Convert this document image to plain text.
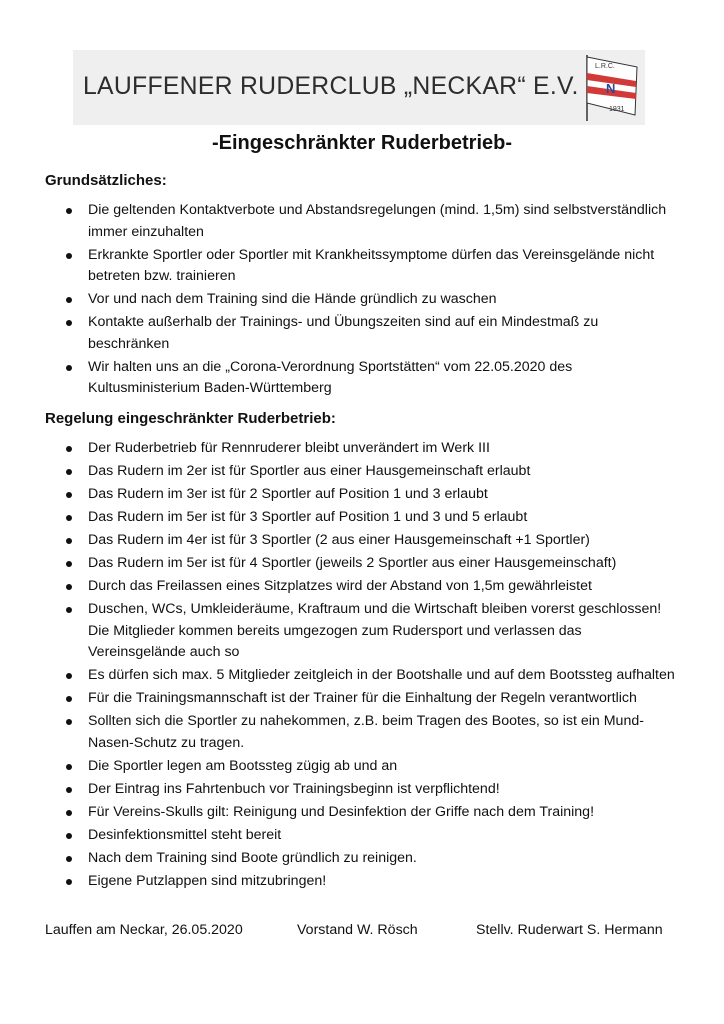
LAUFFENER RUDERCLUB „NECKAR“ E.V.
L.R.C.
N
1931
-Eingeschränkter Ruderbetrieb-
Grundsätzliches:
Die geltenden Kontaktverbote und Abstandsregelungen (mind. 1,5m) sind selbstverständlich immer einzuhalten
Erkrankte Sportler oder Sportler mit Krankheitssymptome dürfen das Vereinsgelände nicht betreten bzw. trainieren
Vor und nach dem Training sind die Hände gründlich zu waschen
Kontakte außerhalb der Trainings- und Übungszeiten sind auf ein Mindestmaß zu beschränken
Wir halten uns an die „Corona-Verordnung Sportstätten“ vom 22.05.2020 des Kultusministerium Baden-Württemberg
Regelung eingeschränkter Ruderbetrieb:
Der Ruderbetrieb für Rennruderer bleibt unverändert im Werk III
Das Rudern im 2er ist für Sportler aus einer Hausgemeinschaft erlaubt
Das Rudern im 3er ist für 2 Sportler auf Position 1 und 3 erlaubt
Das Rudern im 5er ist für 3 Sportler auf Position 1 und 3 und 5 erlaubt
Das Rudern im 4er ist für 3 Sportler (2 aus einer Hausgemeinschaft +1 Sportler)
Das Rudern im 5er ist für 4 Sportler (jeweils 2 Sportler aus einer Hausgemeinschaft)
Durch das Freilassen eines Sitzplatzes wird der Abstand von 1,5m gewährleistet
Duschen, WCs, Umkleideräume, Kraftraum und die Wirtschaft bleiben vorerst geschlossen! Die Mitglieder kommen bereits umgezogen zum Rudersport und verlassen das Vereinsgelände auch so
Es dürfen sich max. 5 Mitglieder zeitgleich in der Bootshalle und auf dem Bootssteg aufhalten
Für die Trainingsmannschaft ist der Trainer für die Einhaltung der Regeln verantwortlich
Sollten sich die Sportler zu nahekommen, z.B. beim Tragen des Bootes, so ist ein Mund-Nasen-Schutz zu tragen.
Die Sportler legen am Bootssteg zügig ab und an
Der Eintrag ins Fahrtenbuch vor Trainingsbeginn ist verpflichtend!
Für Vereins-Skulls gilt: Reinigung und Desinfektion der Griffe nach dem Training!
Desinfektionsmittel steht bereit
Nach dem Training sind Boote gründlich zu reinigen.
Eigene Putzlappen sind mitzubringen!
Lauffen am Neckar, 26.05.2020	Vorstand W. Rösch	Stellv. Ruderwart S. Hermann
